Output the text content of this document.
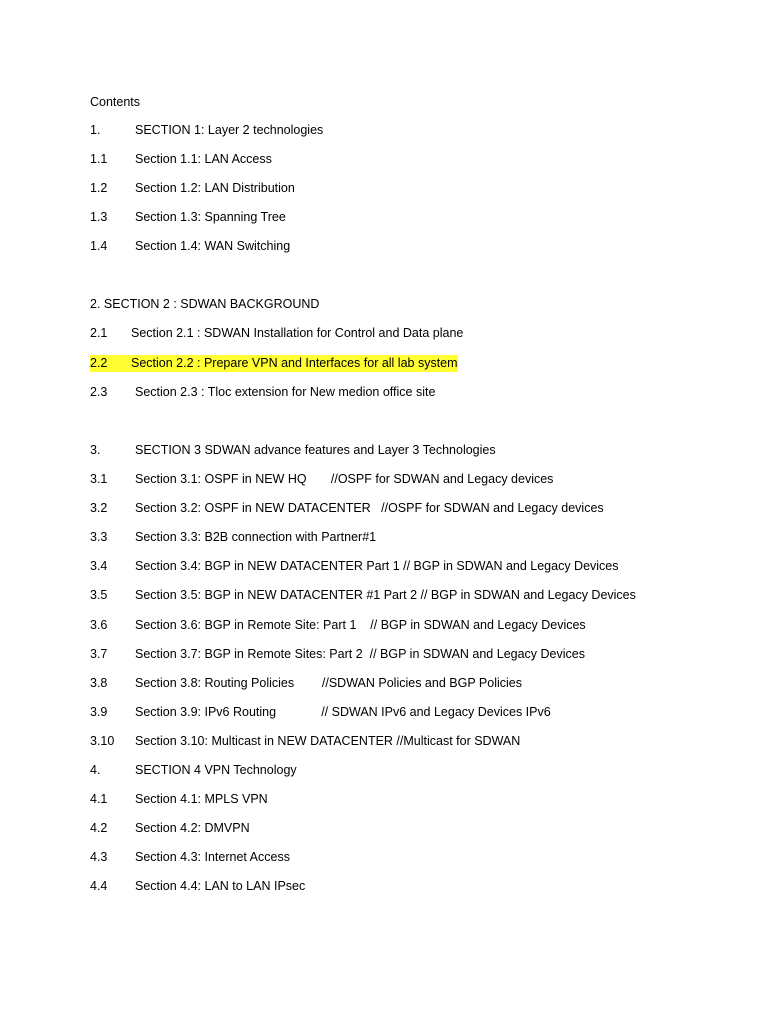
Contents
1.	SECTION 1: Layer 2 technologies
1.1 Section 1.1: LAN Access
1.2 Section 1.2: LAN Distribution
1.3 Section 1.3: Spanning Tree
1.4 Section 1.4: WAN Switching
2. SECTION 2 : SDWAN BACKGROUND
2.1 Section 2.1 : SDWAN Installation for Control and Data plane
2.2 Section 2.2 : Prepare VPN and Interfaces for all lab system
2.3 Section 2.3 : Tloc extension for New medion office site
3.	SECTION 3 SDWAN advance features and Layer 3 Technologies
3.1 Section 3.1: OSPF in NEW HQ       //OSPF for SDWAN and Legacy devices
3.2 Section 3.2: OSPF in NEW DATACENTER   //OSPF for SDWAN and Legacy devices
3.3 Section 3.3: B2B connection with Partner#1
3.4 Section 3.4: BGP in NEW DATACENTER Part 1 // BGP in SDWAN and Legacy Devices
3.5 Section 3.5: BGP in NEW DATACENTER #1 Part 2 // BGP in SDWAN and Legacy Devices
3.6 Section 3.6: BGP in Remote Site: Part 1    // BGP in SDWAN and Legacy Devices
3.7 Section 3.7: BGP in Remote Sites: Part 2  // BGP in SDWAN and Legacy Devices
3.8 Section 3.8: Routing Policies        //SDWAN Policies and BGP Policies
3.9 Section 3.9: IPv6 Routing             // SDWAN IPv6 and Legacy Devices IPv6
3.10 Section 3.10: Multicast in NEW DATACENTER //Multicast for SDWAN
4.	SECTION 4 VPN Technology
4.1 Section 4.1: MPLS VPN
4.2 Section 4.2: DMVPN
4.3 Section 4.3: Internet Access
4.4 Section 4.4: LAN to LAN IPsec
